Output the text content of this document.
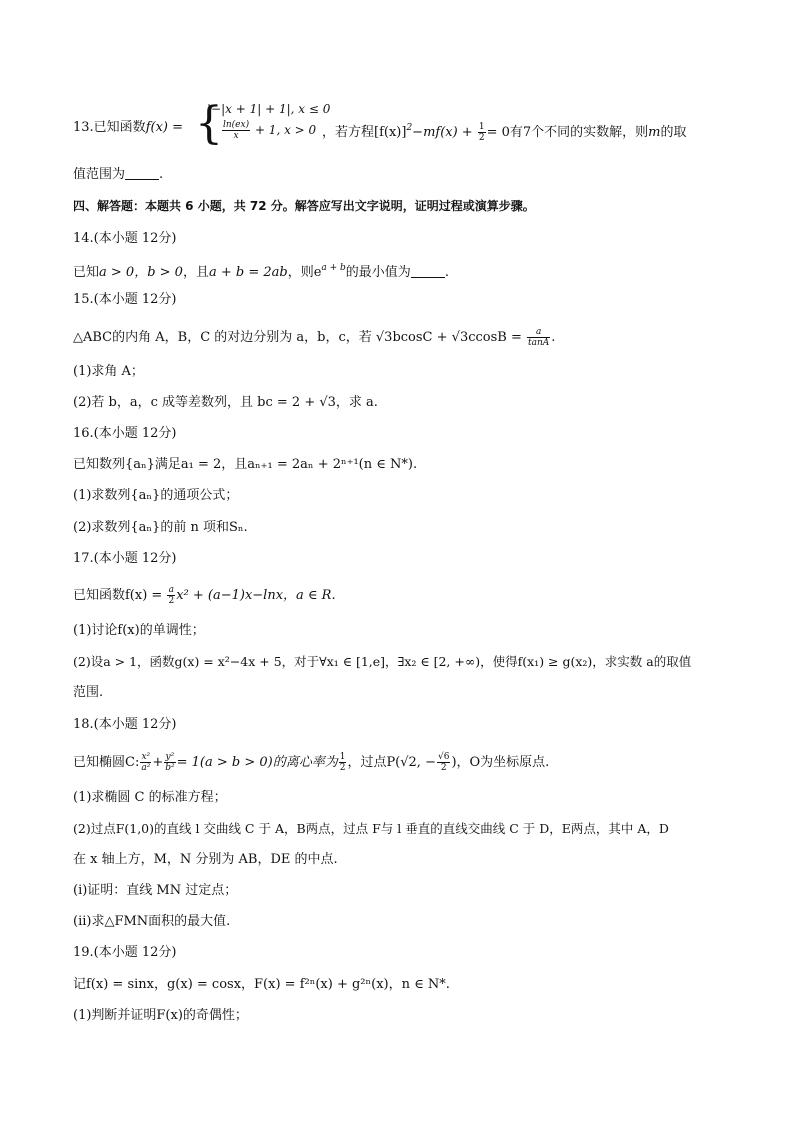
13.已知函数f(x) = {
|−|x + 1| + 1|, x ≤ 0
$\frac{\ln(ex)}{x} + 1$, x > 0 ，若方程$[f(x)]^2-mf(x) + \frac{1}{2} = 0$有7个不同的实数解，则m的取
值范围为	.
四、解答题：本题共 6 小题，共 72 分。解答应写出文字说明，证明过程或演算步骤。
14.(本小题 12分)
已知a > 0，b > 0，且a + b = 2ab，则$e^{a + b}$的最小值为	.
15.(本小题 12分)
△ABC的内角 A，B，C 的对边分别为 a，b，c，若 $√3bcosC + √3ccosB = \frac{a}{\tan A}$ .
(1)求角 A；
(2)若 b，a，c 成等差数列，且 bc = 2 + √3，求 a.
16.(本小题 12分)
已知数列{aₙ}满足a₁ = 2，且aₙ₊₁ = 2aₙ + 2ⁿ⁺¹(n ∈ N*).
(1)求数列{aₙ}的通项公式；
(2)求数列{aₙ}的前 n 项和Sₙ.
17.(本小题 12分)
已知函数$f(x) = \frac{a}{2} x^2 + (a-1)x-\ln x$，a ∈ R.
(1)讨论f(x)的单调性；
(2)设a > 1，函数g(x) = x²−4x + 5，对于∀x₁ ∈ [1,e]，∃x₂ ∈ [2, +∞)，使得f(x₁) ≥ g(x₂)，求实数 a的取值
范围.
18.(本小题 12分)
已知椭圆C: $\frac{\text{x²}}{\text{a²}} + \frac{\text{y²}}{\text{b²}} = 1(a > b > 0)$的离心率为 $\frac{1}{2}$ ，过点P(√2, − $\frac{√6}{2}$ )，O为坐标原点.
(1)求椭圆 C 的标准方程；
(2)过点F(1,0)的直线 l 交曲线 C 于 A，B两点，过点 F与 l 垂直的直线交曲线 C 于 D，E两点，其中 A，D
在 x 轴上方，M，N 分别为 AB，DE 的中点.
(i)证明：直线 MN 过定点；
(ii)求△FMN面积的最大值.
19.(本小题 12分)
记f(x) = sinx，g(x) = cosx，F(x) = f²ⁿ(x) + g²ⁿ(x)，n ∈ N*.
(1)判断并证明F(x)的奇偶性；
